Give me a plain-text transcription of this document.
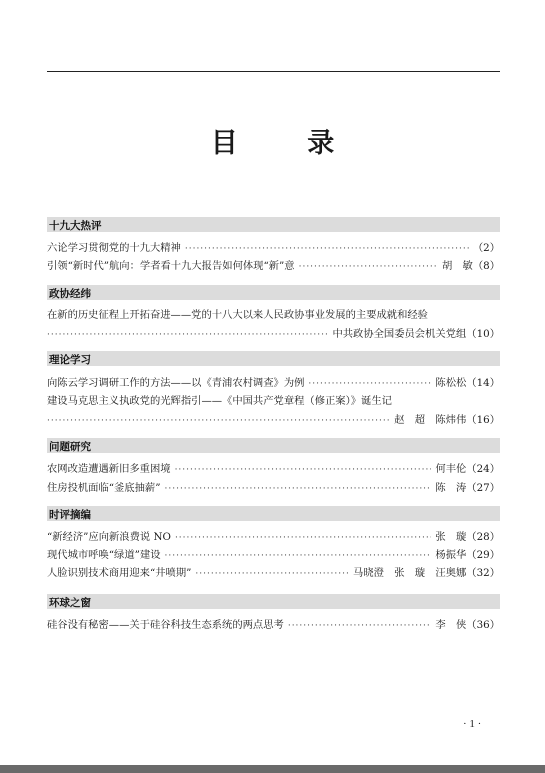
目 录
十九大热评
六论学习贯彻党的十九大精神 ·····	（2）
引领“新时代”航向：学者看十九大报告如何体现“新”意 ·····	胡　敏（8）
政协经纬
在新的历史征程上开拓奋进——党的十八大以来人民政协事业发展的主要成就和经验
·····
中共政协全国委员会机关党组（10）
理论学习
向陈云学习调研工作的方法——以《青浦农村调查》为例 ·····	陈松松（14）
建设马克思主义执政党的光辉指引——《中国共产党章程（修正案）》诞生记
·····
赵　超　陈炜伟（16）
问题研究
农网改造遭遇新旧多重困境 ·····	何丰伦（24）
住房投机面临“釜底抽薪” ·····	陈　涛（27）
时评摘编
“新经济”应向新浪费说 NO ·····	张　璇（28）
现代城市呼唤“绿道”建设 ·····	杨振华（29）
人脸识别技术商用迎来“井喷期” ·····	马晓澄　张　璇　汪奥娜（32）
环球之窗
硅谷没有秘密——关于硅谷科技生态系统的两点思考 ·····	李　侠（36）
· 1 ·
